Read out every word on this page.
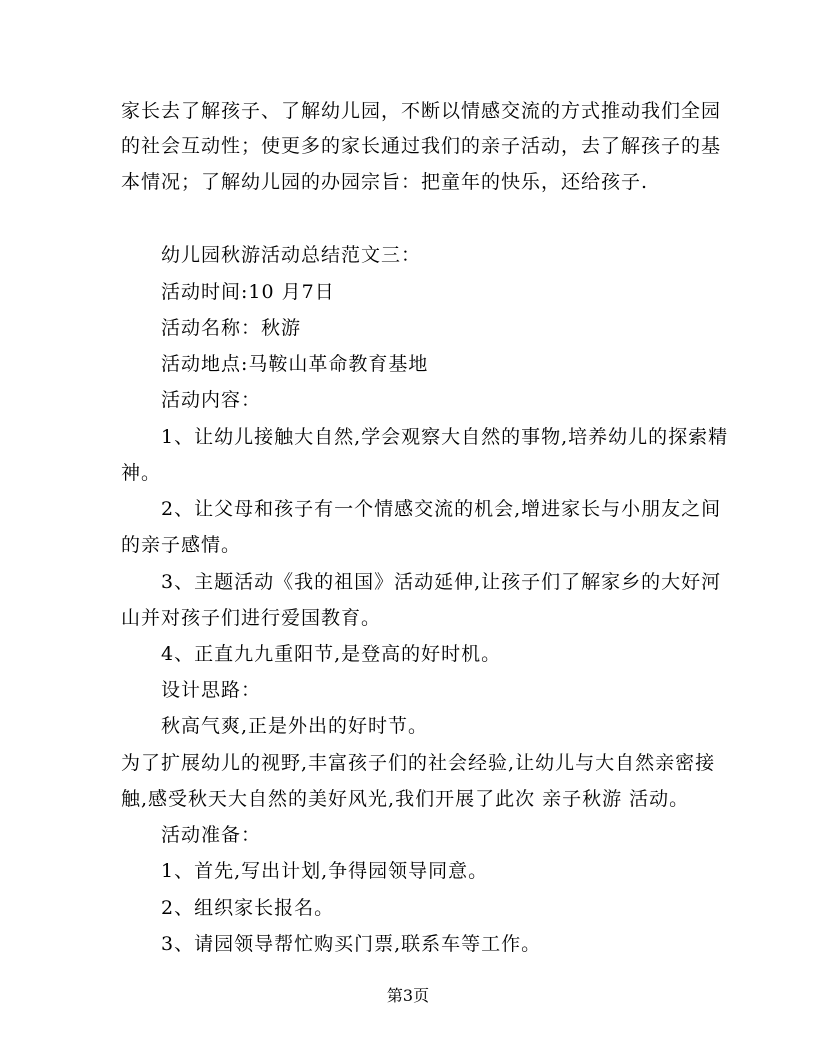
家长去了解孩子、了解幼儿园，不断以情感交流的方式推动我们全园
的社会互动性；使更多的家长通过我们的亲子活动，去了解孩子的基
本情况；了解幼儿园的办园宗旨：把童年的快乐，还给孩子.
幼儿园秋游活动总结范文三：
活动时间:10 月7日
活动名称：秋游
活动地点:马鞍山革命教育基地
活动内容：
1、让幼儿接触大自然,学会观察大自然的事物,培养幼儿的探索精
神。
2、让父母和孩子有一个情感交流的机会,增进家长与小朋友之间
的亲子感情。
3、主题活动《我的祖国》活动延伸,让孩子们了解家乡的大好河
山并对孩子们进行爱国教育。
4、正直九九重阳节,是登高的好时机。
设计思路：
秋高气爽,正是外出的好时节。
为了扩展幼儿的视野,丰富孩子们的社会经验,让幼儿与大自然亲密接
触,感受秋天大自然的美好风光,我们开展了此次 亲子秋游 活动。
活动准备：
1、首先,写出计划,争得园领导同意。
2、组织家长报名。
3、请园领导帮忙购买门票,联系车等工作。
第3页
